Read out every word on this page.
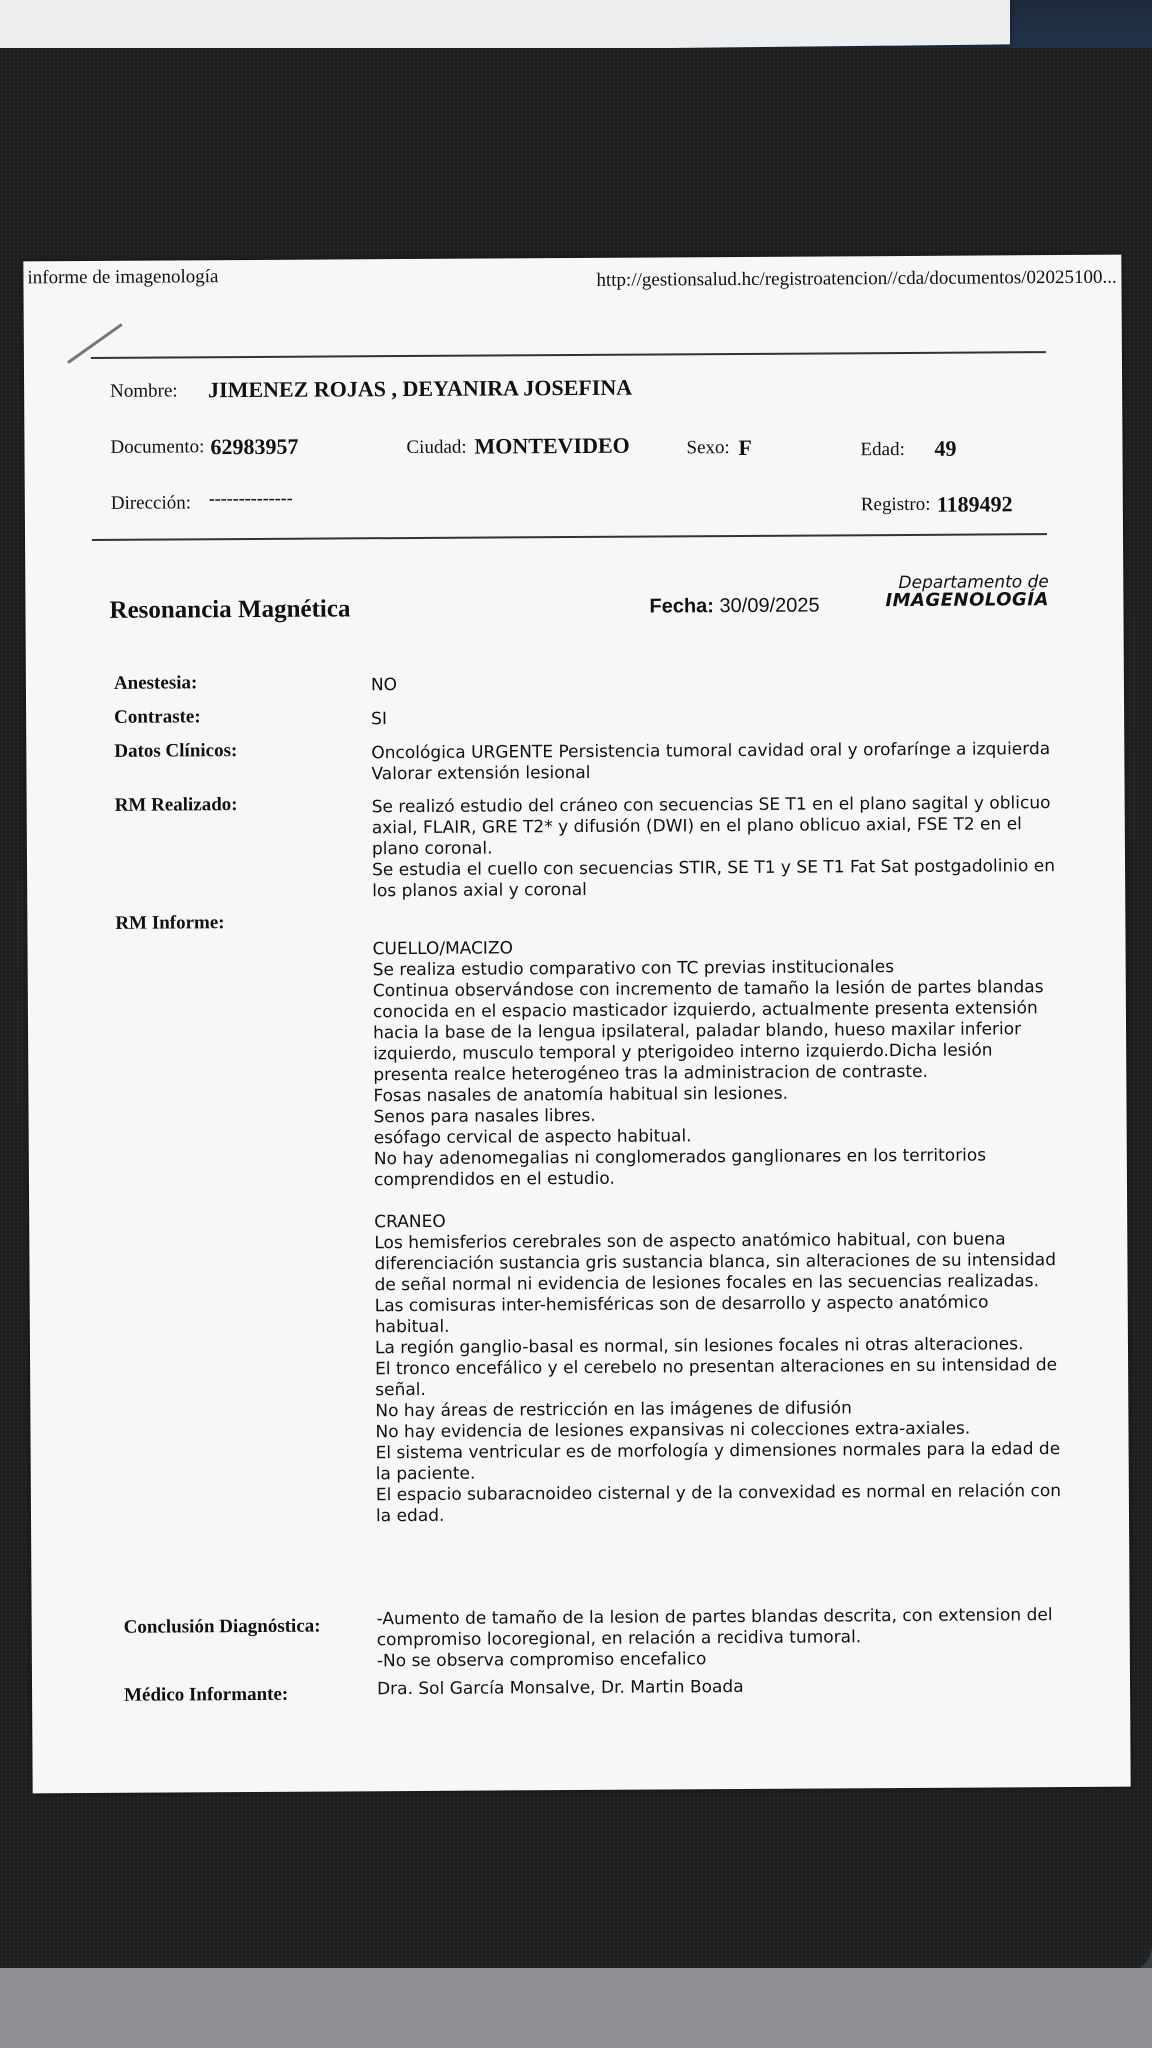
informe de imagenología	http://gestionsalud.hc/registroatencion//cda/documentos/02025100...
Nombre: JIMENEZ ROJAS , DEYANIRA JOSEFINA
Documento: 62983957	Ciudad: MONTEVIDEO	Sexo: F	Edad: 49
Dirección: --------------	Registro: 1189492
Resonancia Magnética	Fecha: 30/09/2025
Departamento de
IMAGENOLOGÍA
Anestesia:	NO
Contraste:	SI
Datos Clínicos:	Oncológica URGENTE Persistencia tumoral cavidad oral y orofarínge a izquierda
Valorar extensión lesional
RM Realizado:	Se realizó estudio del cráneo con secuencias SE T1 en el plano sagital y oblicuo
axial, FLAIR, GRE T2* y difusión (DWI) en el plano oblicuo axial, FSE T2 en el
plano coronal.
Se estudia el cuello con secuencias STIR, SE T1 y SE T1 Fat Sat postgadolinio en
los planos axial y coronal
RM Informe:
CUELLO/MACIZO
Se realiza estudio comparativo con TC previas institucionales
Continua observándose con incremento de tamaño la lesión de partes blandas
conocida en el espacio masticador izquierdo, actualmente presenta extensión
hacia la base de la lengua ipsilateral, paladar blando, hueso maxilar inferior
izquierdo, musculo temporal y pterigoideo interno izquierdo.Dicha lesión
presenta realce heterogéneo tras la administracion de contraste.
Fosas nasales de anatomía habitual sin lesiones.
Senos para nasales libres.
esófago cervical de aspecto habitual.
No hay adenomegalias ni conglomerados ganglionares en los territorios
comprendidos en el estudio.

CRANEO
Los hemisferios cerebrales son de aspecto anatómico habitual, con buena
diferenciación sustancia gris sustancia blanca, sin alteraciones de su intensidad
de señal normal ni evidencia de lesiones focales en las secuencias realizadas.
Las comisuras inter-hemisféricas son de desarrollo y aspecto anatómico habitual.
La región ganglio-basal es normal, sin lesiones focales ni otras alteraciones.
El tronco encefálico y el cerebelo no presentan alteraciones en su intensidad de
señal.
No hay áreas de restricción en las imágenes de difusión
No hay evidencia de lesiones expansivas ni colecciones extra-axiales.
El sistema ventricular es de morfología y dimensiones normales para la edad de
la paciente.
El espacio subaracnoideo cisternal y de la convexidad es normal en relación con
la edad.
Conclusión Diagnóstica:	-Aumento de tamaño de la lesion de partes blandas descrita, con extension del
compromiso locoregional, en relación a recidiva tumoral.
-No se observa compromiso encefalico
Médico Informante:	Dra. Sol García Monsalve, Dr. Martin Boada
